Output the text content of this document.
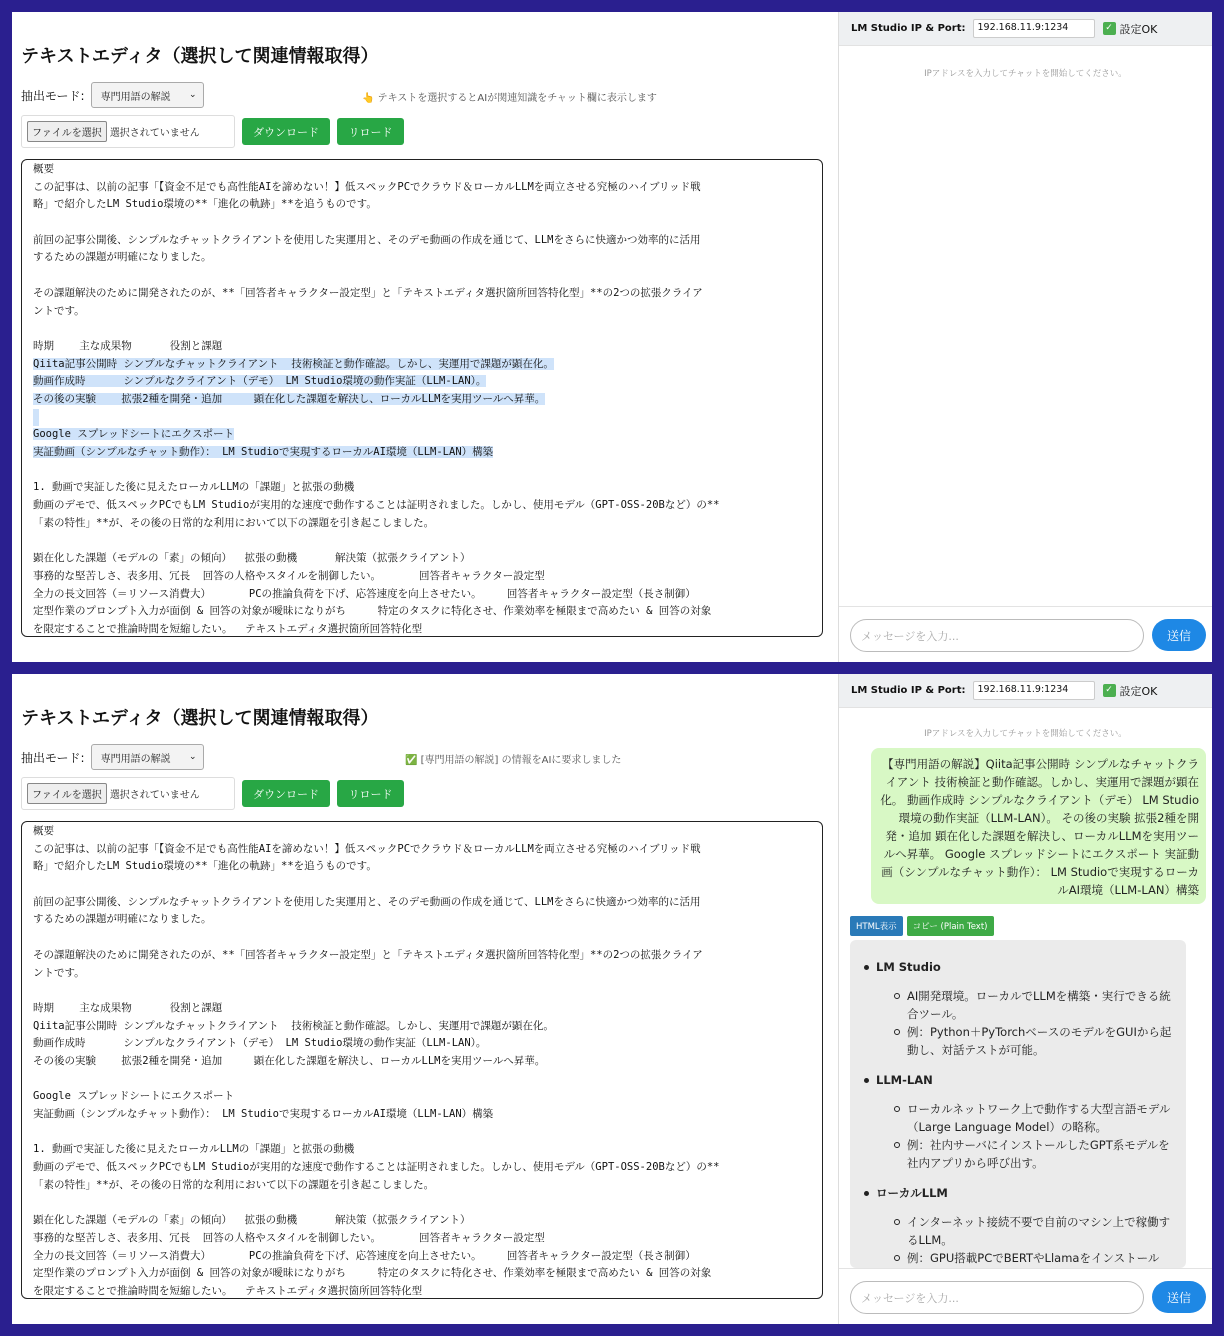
テキストエディタ（選択して関連情報取得）
抽出モード: 専門用語の解説 ⌄	👆 テキストを選択するとAIが関連知識をチャット欄に表示します
ファイルを選択 選択されていません	ダウンロード	リロード
概要
この記事は、以前の記事「【資金不足でも高性能AIを諦めない！】低スペックPCでクラウド＆ローカルLLMを両立させる究極のハイブリッド戦
略」で紹介したLM Studio環境の**「進化の軌跡」**を追うものです。
前回の記事公開後、シンプルなチャットクライアントを使用した実運用と、そのデモ動画の作成を通じて、LLMをさらに快適かつ効率的に活用
するための課題が明確になりました。
その課題解決のために開発されたのが、**「回答者キャラクター設定型」と「テキストエディタ選択箇所回答特化型」**の2つの拡張クライア
ントです。
時期    主な成果物      役割と課題
Qiita記事公開時 シンプルなチャットクライアント  技術検証と動作確認。しかし、実運用で課題が顕在化。
動画作成時      シンプルなクライアント（デモ） LM Studio環境の動作実証（LLM-LAN）。
その後の実験    拡張2種を開発・追加     顕在化した課題を解決し、ローカルLLMを実用ツールへ昇華。
Google スプレッドシートにエクスポート
実証動画（シンプルなチャット動作）： LM Studioで実現するローカルAI環境（LLM-LAN）構築
1. 動画で実証した後に見えたローカルLLMの「課題」と拡張の動機
動画のデモで、低スペックPCでもLM Studioが実用的な速度で動作することは証明されました。しかし、使用モデル（GPT-OSS-20Bなど）の**
「素の特性」**が、その後の日常的な利用において以下の課題を引き起こしました。
顕在化した課題（モデルの「素」の傾向）  拡張の動機      解決策（拡張クライアント）
事務的な堅苦しさ、表多用、冗長  回答の人格やスタイルを制御したい。      回答者キャラクター設定型
全力の長文回答（＝リソース消費大）      PCの推論負荷を下げ、応答速度を向上させたい。    回答者キャラクター設定型（長さ制御）
定型作業のプロンプト入力が面倒 & 回答の対象が曖昧になりがち     特定のタスクに特化させ、作業効率を極限まで高めたい & 回答の対象
を限定することで推論時間を短縮したい。  テキストエディタ選択箇所回答特化型
LM Studio IP & Port:	192.168.11.9:1234	✓ 設定OK
IPアドレスを入力してチャットを開始してください。
メッセージを入力...	送信
テキストエディタ（選択して関連情報取得）
抽出モード: 専門用語の解説 ⌄	✅ [専門用語の解説] の情報をAIに要求しました
ファイルを選択 選択されていません	ダウンロード	リロード
概要
この記事は、以前の記事「【資金不足でも高性能AIを諦めない！】低スペックPCでクラウド＆ローカルLLMを両立させる究極のハイブリッド戦
略」で紹介したLM Studio環境の**「進化の軌跡」**を追うものです。
前回の記事公開後、シンプルなチャットクライアントを使用した実運用と、そのデモ動画の作成を通じて、LLMをさらに快適かつ効率的に活用
するための課題が明確になりました。
その課題解決のために開発されたのが、**「回答者キャラクター設定型」と「テキストエディタ選択箇所回答特化型」**の2つの拡張クライア
ントです。
時期    主な成果物      役割と課題
Qiita記事公開時 シンプルなチャットクライアント  技術検証と動作確認。しかし、実運用で課題が顕在化。
動画作成時      シンプルなクライアント（デモ） LM Studio環境の動作実証（LLM-LAN）。
その後の実験    拡張2種を開発・追加     顕在化した課題を解決し、ローカルLLMを実用ツールへ昇華。
Google スプレッドシートにエクスポート
実証動画（シンプルなチャット動作）： LM Studioで実現するローカルAI環境（LLM-LAN）構築
1. 動画で実証した後に見えたローカルLLMの「課題」と拡張の動機
動画のデモで、低スペックPCでもLM Studioが実用的な速度で動作することは証明されました。しかし、使用モデル（GPT-OSS-20Bなど）の**
「素の特性」**が、その後の日常的な利用において以下の課題を引き起こしました。
顕在化した課題（モデルの「素」の傾向）  拡張の動機      解決策（拡張クライアント）
事務的な堅苦しさ、表多用、冗長  回答の人格やスタイルを制御したい。      回答者キャラクター設定型
全力の長文回答（＝リソース消費大）      PCの推論負荷を下げ、応答速度を向上させたい。    回答者キャラクター設定型（長さ制御）
定型作業のプロンプト入力が面倒 & 回答の対象が曖昧になりがち     特定のタスクに特化させ、作業効率を極限まで高めたい & 回答の対象
を限定することで推論時間を短縮したい。  テキストエディタ選択箇所回答特化型
LM Studio IP & Port:	192.168.11.9:1234	✓ 設定OK
IPアドレスを入力してチャットを開始してください。
【専門用語の解説】Qiita記事公開時 シンプルなチャットクライアント 技術検証と動作確認。しかし、実運用で課題が顕在化。 動画作成時 シンプルなクライアント（デモ） LM Studio環境の動作実証（LLM-LAN）。 その後の実験 拡張2種を開発・追加 顕在化した課題を解決し、ローカルLLMを実用ツールへ昇華。 Google スプレッドシートにエクスポート 実証動画（シンプルなチャット動作）： LM Studioで実現するローカルAI環境（LLM-LAN）構築
HTML表示	コピー (Plain Text)
LM Studio
AI開発環境。ローカルでLLMを構築・実行できる統合ツール。
例：Python＋PyTorchベースのモデルをGUIから起動し、対話テストが可能。
LLM-LAN
ローカルネットワーク上で動作する大型言語モデル（Large Language Model）の略称。
例：社内サーバにインストールしたGPT系モデルを社内アプリから呼び出す。
ローカルLLM
インターネット接続不要で自前のマシン上で稼働するLLM。
例：GPU搭載PCでBERTやLlamaをインストール
メッセージを入力...	送信
